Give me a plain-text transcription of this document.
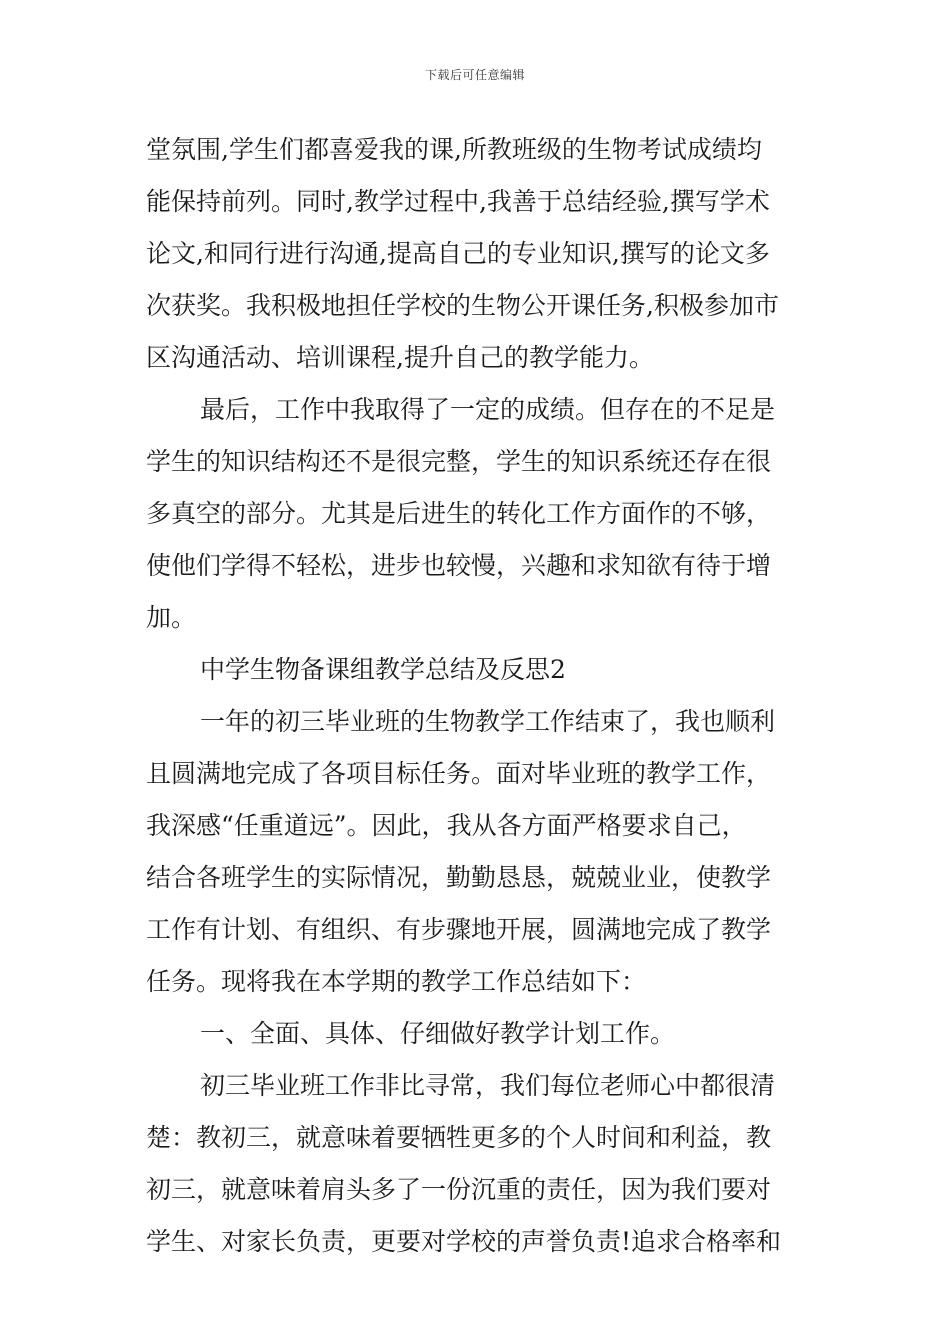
下载后可任意编辑
堂氛围,学生们都喜爱我的课,所教班级的生物考试成绩均
能保持前列。同时,教学过程中,我善于总结经验,撰写学术
论文,和同行进行沟通,提高自己的专业知识,撰写的论文多
次获奖。我积极地担任学校的生物公开课任务,积极参加市
区沟通活动、培训课程,提升自己的教学能力。
最后，工作中我取得了一定的成绩。但存在的不足是
学生的知识结构还不是很完整，学生的知识系统还存在很
多真空的部分。尤其是后进生的转化工作方面作的不够，
使他们学得不轻松，进步也较慢，兴趣和求知欲有待于增
加。
中学生物备课组教学总结及反思2
一年的初三毕业班的生物教学工作结束了，我也顺利
且圆满地完成了各项目标任务。面对毕业班的教学工作，
我深感“任重道远”。因此，我从各方面严格要求自己，
结合各班学生的实际情况，勤勤恳恳，兢兢业业，使教学
工作有计划、有组织、有步骤地开展，圆满地完成了教学
任务。现将我在本学期的教学工作总结如下：
一、全面、具体、仔细做好教学计划工作。
初三毕业班工作非比寻常，我们每位老师心中都很清
楚：教初三，就意味着要牺牲更多的个人时间和利益，教
初三，就意味着肩头多了一份沉重的责任，因为我们要对
学生、对家长负责，更要对学校的声誉负责!追求合格率和
